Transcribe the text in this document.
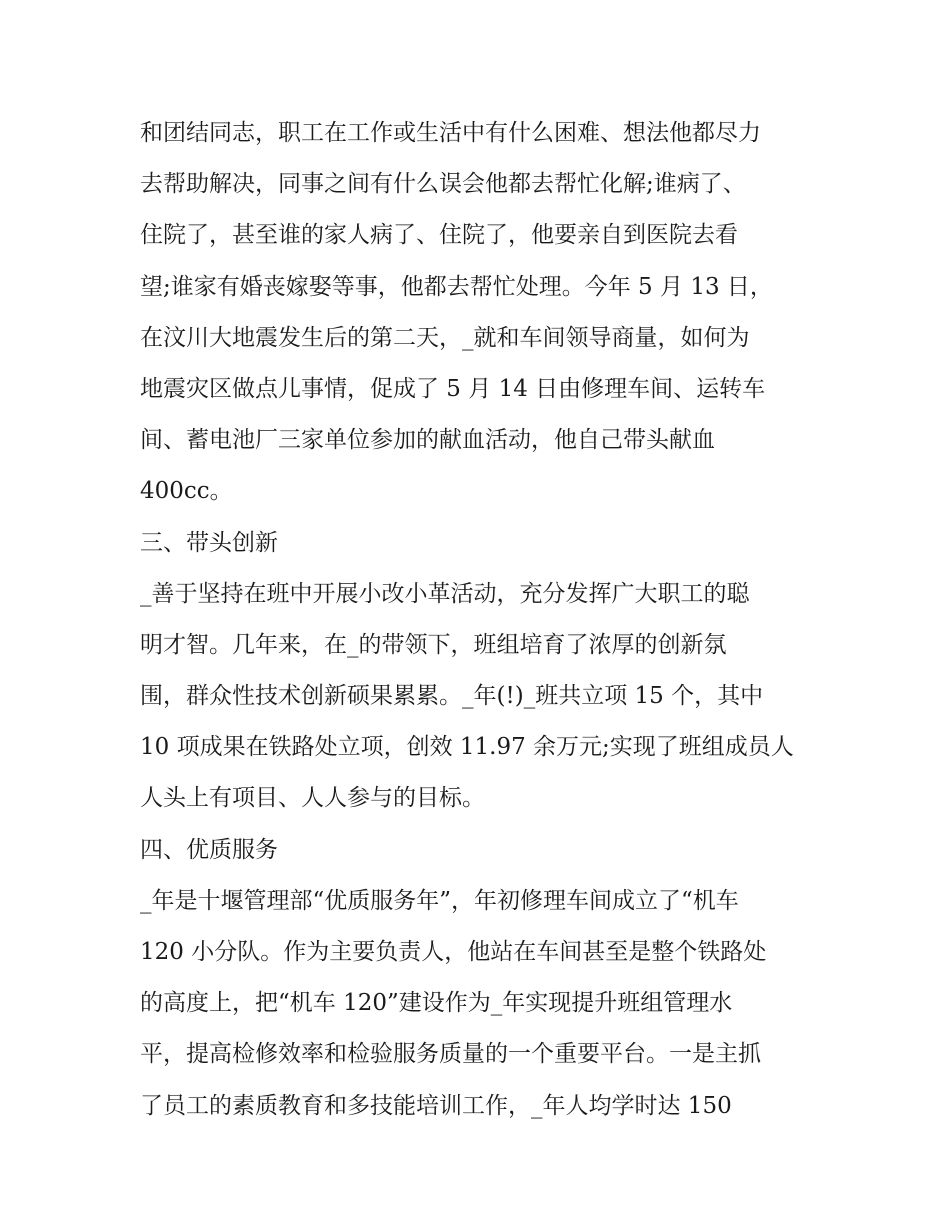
和团结同志，职工在工作或生活中有什么困难、想法他都尽力
去帮助解决，同事之间有什么误会他都去帮忙化解;谁病了、
住院了，甚至谁的家人病了、住院了，他要亲自到医院去看
望;谁家有婚丧嫁娶等事，他都去帮忙处理。今年 5 月 13 日，
在汶川大地震发生后的第二天，_就和车间领导商量，如何为
地震灾区做点儿事情，促成了 5 月 14 日由修理车间、运转车
间、蓄电池厂三家单位参加的献血活动，他自己带头献血
400cc。
三、带头创新
_善于坚持在班中开展小改小革活动，充分发挥广大职工的聪
明才智。几年来，在_的带领下，班组培育了浓厚的创新氛
围，群众性技术创新硕果累累。_年(!)_班共立项 15 个，其中
10 项成果在铁路处立项，创效 11.97 余万元;实现了班组成员人
人头上有项目、人人参与的目标。
四、优质服务
_年是十堰管理部“优质服务年”，年初修理车间成立了“机车
120 小分队。作为主要负责人，他站在车间甚至是整个铁路处
的高度上，把“机车 120”建设作为_年实现提升班组管理水
平，提高检修效率和检验服务质量的一个重要平台。一是主抓
了员工的素质教育和多技能培训工作，_年人均学时达 150
